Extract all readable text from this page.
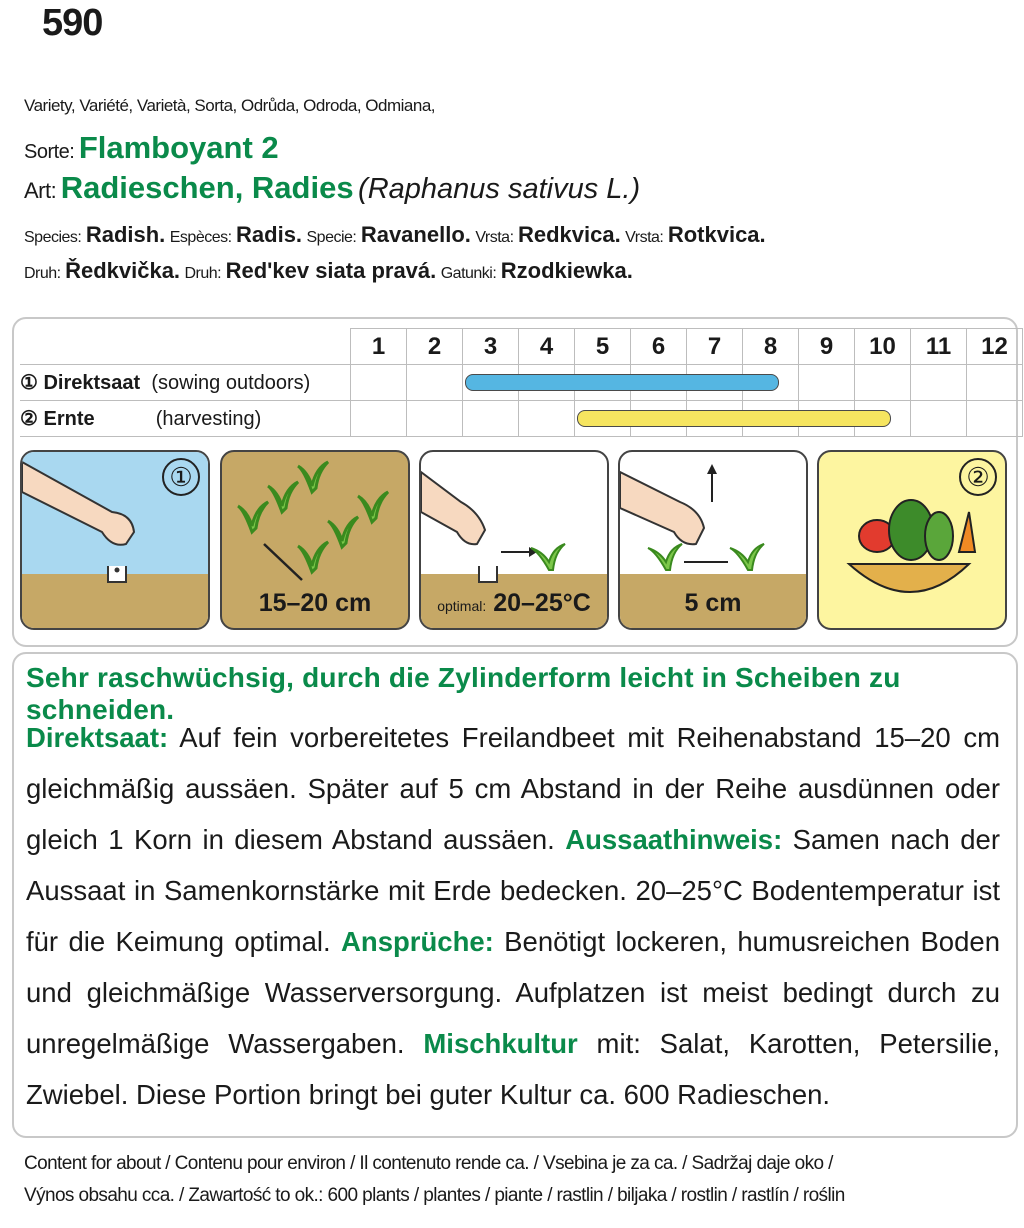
590
Variety, Variété, Varietà, Sorta, Odrůda, Odroda, Odmiana,
Sorte: Flamboyant 2
Art: Radieschen, Radies (Raphanus sativus L.)
Species: Radish. Espèces: Radis. Specie: Ravanello. Vrsta: Redkvica. Vrsta: Rotkvica.
Druh: Ředkvička. Druh: Red'kev siata pravá. Gatunki: Rzodkiewka.
	1	2	3	4	5	6	7	8	9	10	11	12
① Direktsaat (sowing outdoors)												
② Ernte (harvesting)												
①
15–20 cm	optimal: 20–25°C	5 cm
②
Sehr raschwüchsig, durch die Zylinderform leicht in Scheiben zu schneiden.
Direktsaat: Auf fein vorbereitetes Freilandbeet mit Reihenabstand 15–20 cm gleichmäßig aussäen. Später auf 5 cm Abstand in der Reihe ausdünnen oder gleich 1 Korn in diesem Abstand aussäen. Aussaathinweis: Samen nach der Aussaat in Samenkornstärke mit Erde bedecken. 20–25°C Bodentemperatur ist für die Keimung optimal. Ansprüche: Benötigt lockeren, humusreichen Boden und gleichmäßige Wasserversorgung. Aufplatzen ist meist bedingt durch zu unregelmäßige Wassergaben. Mischkultur mit: Salat, Karotten, Petersilie, Zwiebel. Diese Portion bringt bei guter Kultur ca. 600 Radieschen.
Content for about / Contenu pour environ / Il contenuto rende ca. / Vsebina je za ca. / Sadržaj daje oko /
Výnos obsahu cca. / Zawartość to ok.: 600 plants / plantes / piante / rastlin / biljaka / rostlin / rastlín / roślin
